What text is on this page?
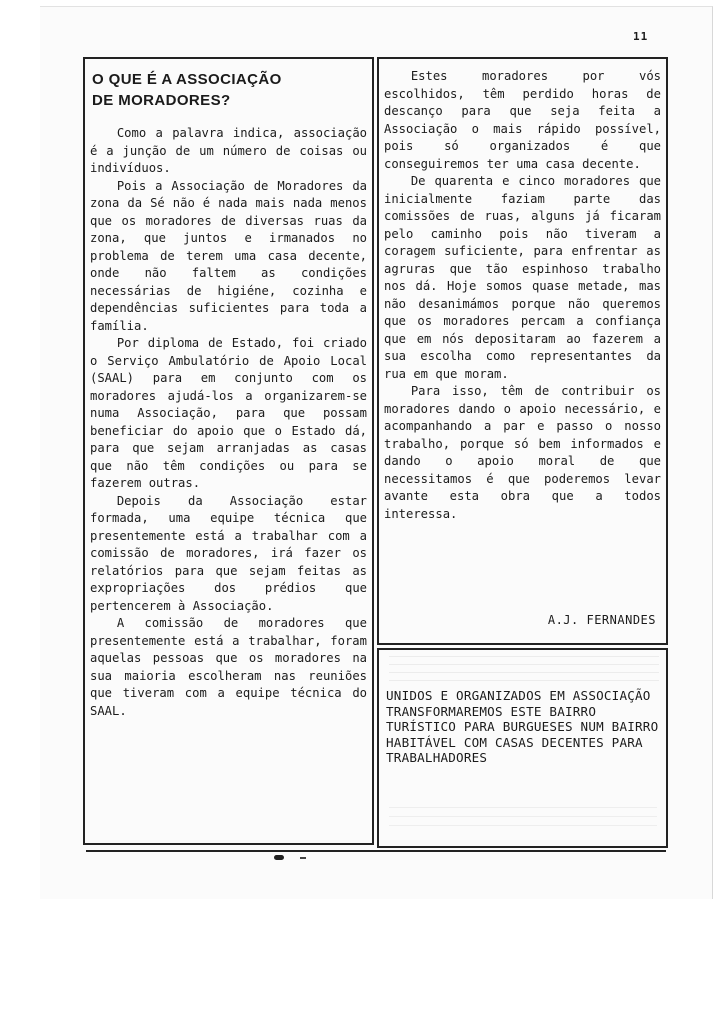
11
O QUE É A ASSOCIAÇÃO
DE MORADORES?
Como a palavra indica, associação é a junção de um número de coisas ou indivíduos.
Pois a Associação de Moradores da zona da Sé não é nada mais nada menos que os moradores de diversas ruas da zona, que juntos e irmanados no problema de terem uma casa decente, onde não faltem as condições necessárias de higiéne, cozinha e dependências suficientes para toda a família.
Por diploma de Estado, foi criado o Serviço Ambulatório de Apoio Local (SAAL) para em conjunto com os moradores ajudá-los a organizarem-se numa Associação, para que possam beneficiar do apoio que o Estado dá, para que sejam arranjadas as casas que não têm condições ou para se fazerem outras.
Depois da Associação estar formada, uma equipe técnica que presentemente está a trabalhar com a comissão de moradores, irá fazer os relatórios para que sejam feitas as expropriações dos prédios que pertencerem à Associação.
A comissão de moradores que presentemente está a trabalhar, foram aquelas pessoas que os moradores na sua maioria escolheram nas reuniões que tiveram com a equipe técnica do SAAL.
Estes moradores por vós escolhidos, têm perdido horas de descanço para que seja feita a Associação o mais rápido possível, pois só organizados é que conseguiremos ter uma casa decente.
De quarenta e cinco moradores que inicialmente faziam parte das comissões de ruas, alguns já ficaram pelo caminho pois não tiveram a coragem suficiente, para enfrentar as agruras que tão espinhoso trabalho nos dá. Hoje somos quase metade, mas não desanimámos porque não queremos que os moradores percam a confiança que em nós depositaram ao fazerem a sua escolha como representantes da rua em que moram.
Para isso, têm de contribuir os moradores dando o apoio necessário, e acompanhando a par e passo o nosso trabalho, porque só bem informados e dando o apoio moral de que necessitamos é que poderemos levar avante esta obra que a todos interessa.
A.J. FERNANDES

UNIDOS E ORGANIZADOS EM ASSOCIAÇÃO TRANSFORMAREMOS ESTE BAIRRO TURÍSTICO PARA BURGUESES NUM BAIRRO HABITÁVEL COM CASAS DECENTES PARA TRABALHADORES
